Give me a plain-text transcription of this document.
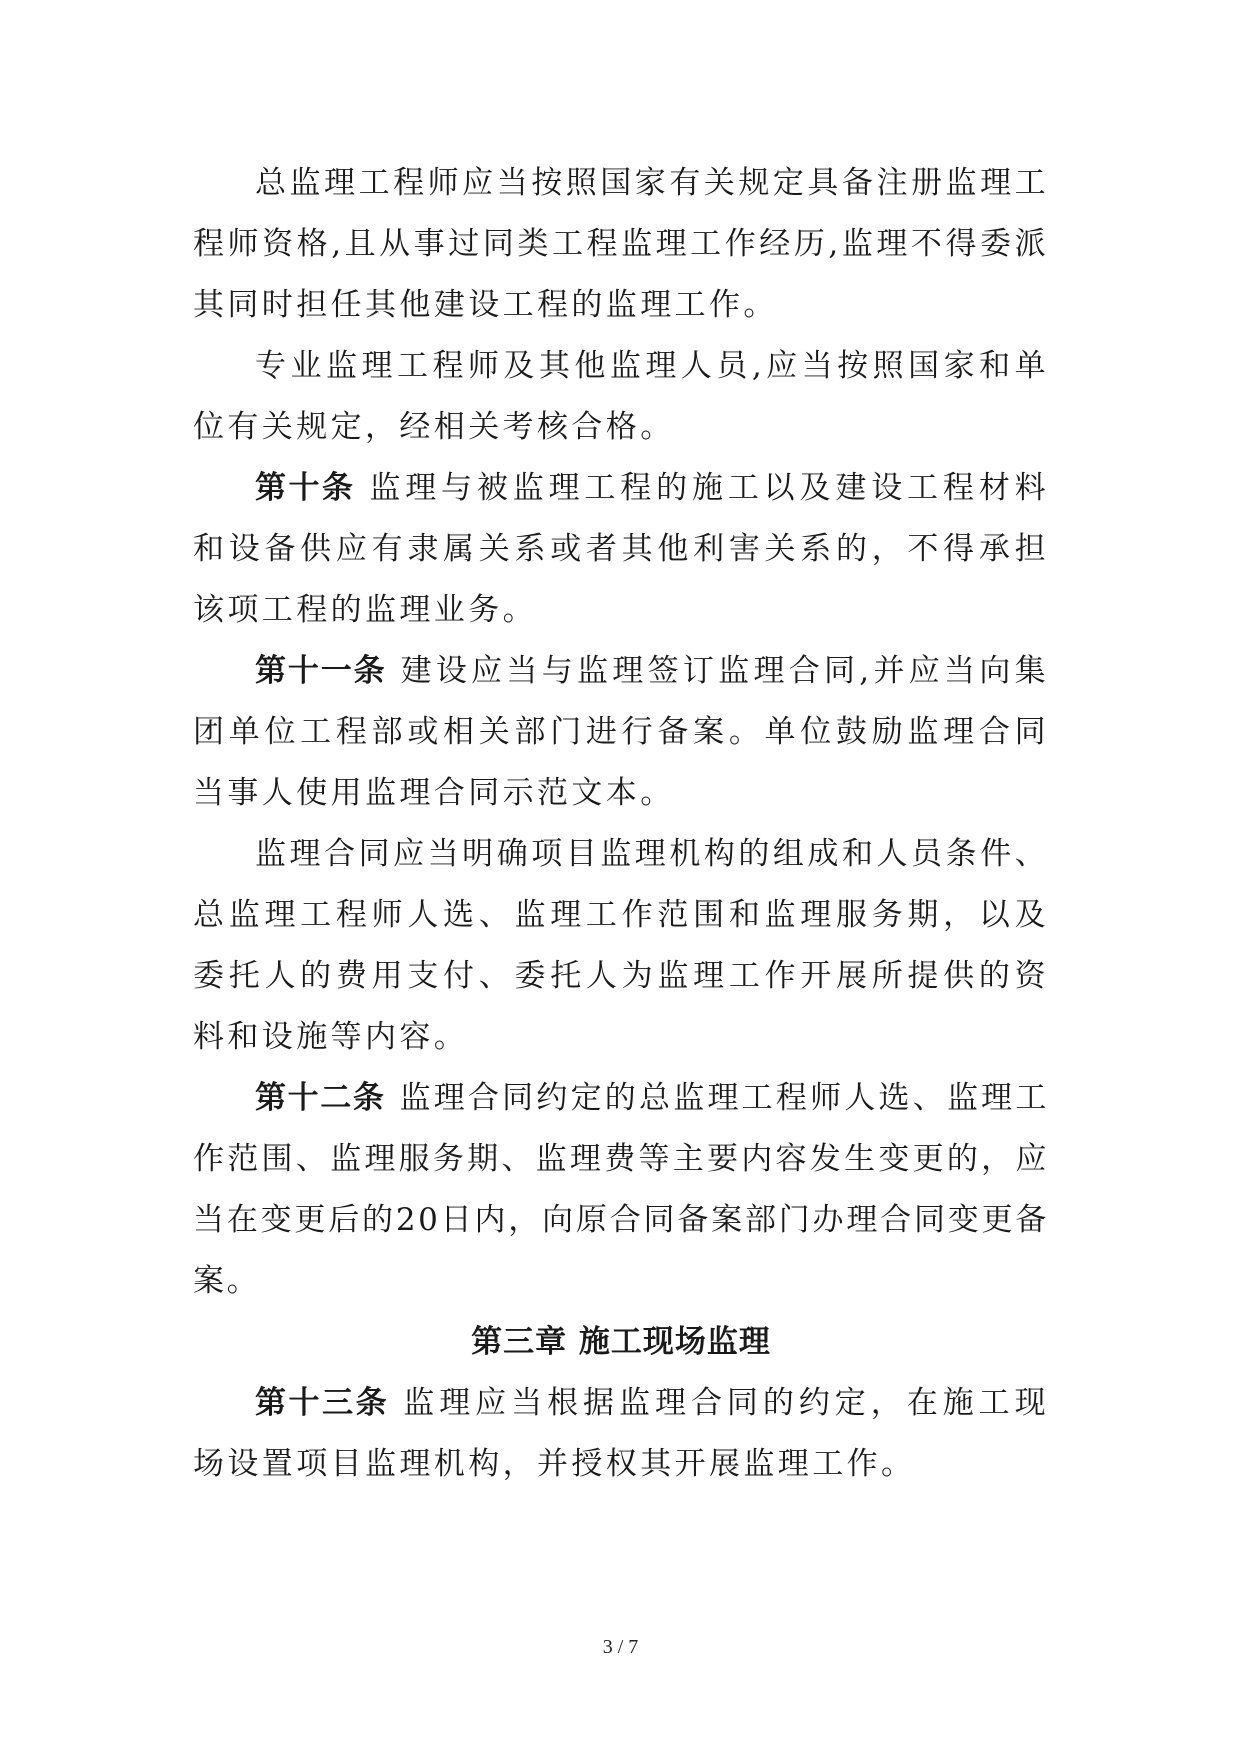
总监理工程师应当按照国家有关规定具备注册监理工程师资格,且从事过同类工程监理工作经历,监理不得委派其同时担任其他建设工程的监理工作。

专业监理工程师及其他监理人员,应当按照国家和单位有关规定，经相关考核合格。

第十条 监理与被监理工程的施工以及建设工程材料和设备供应有隶属关系或者其他利害关系的，不得承担该项工程的监理业务。

第十一条 建设应当与监理签订监理合同,并应当向集团单位工程部或相关部门进行备案。单位鼓励监理合同当事人使用监理合同示范文本。

监理合同应当明确项目监理机构的组成和人员条件、总监理工程师人选、监理工作范围和监理服务期，以及委托人的费用支付、委托人为监理工作开展所提供的资料和设施等内容。

第十二条 监理合同约定的总监理工程师人选、监理工作范围、监理服务期、监理费等主要内容发生变更的，应当在变更后的20日内，向原合同备案部门办理合同变更备案。

第三章 施工现场监理

第十三条 监理应当根据监理合同的约定，在施工现场设置项目监理机构，并授权其开展监理工作。

3 / 7
